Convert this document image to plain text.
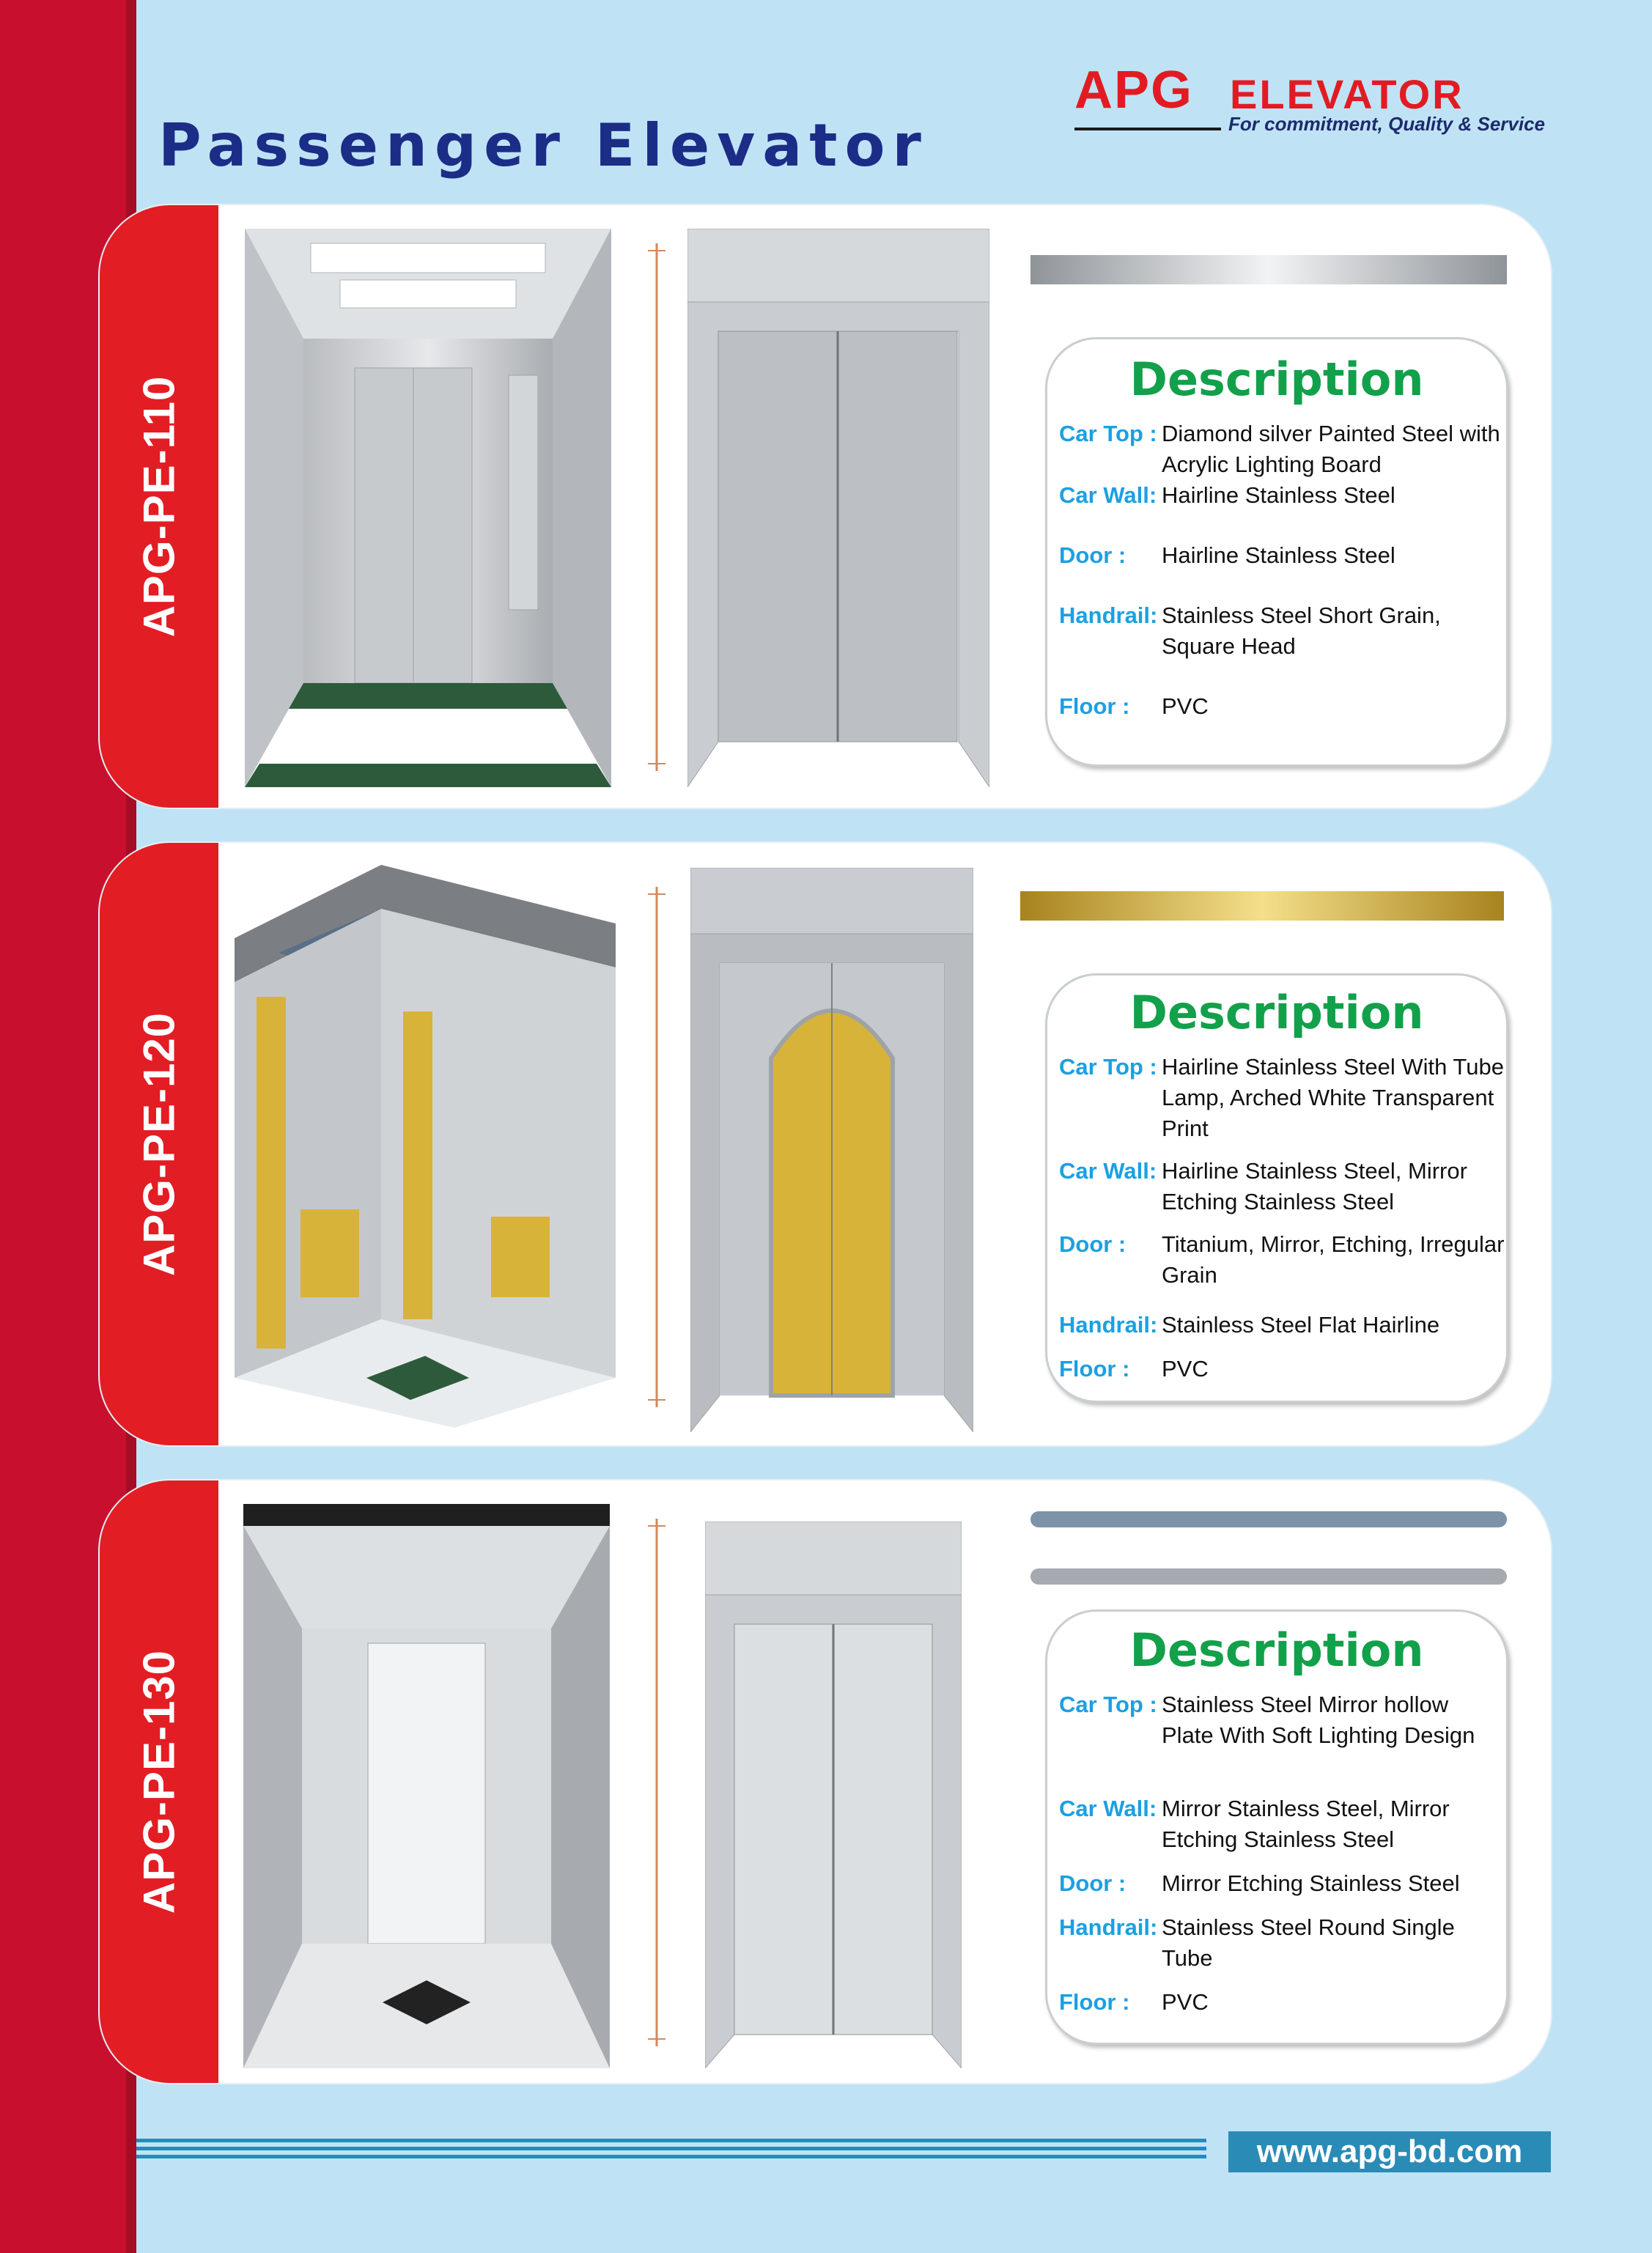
APG ELEVATOR
For commitment, Quality & Service
Passenger Elevator
APG-PE-110	Description
Car Top : Diamond silver Painted Steel with Acrylic Lighting Board
Car Wall: Hairline Stainless Steel
Door : Hairline Stainless Steel
Handrail: Stainless Steel Short Grain, Square Head
Floor : PVC
APG-PE-120	Description
Car Top : Hairline Stainless Steel With Tube Lamp, Arched White Transparent Print
Car Wall: Hairline Stainless Steel, Mirror Etching Stainless Steel
Door : Titanium, Mirror, Etching, Irregular Grain
Handrail: Stainless Steel Flat Hairline
Floor : PVC
APG-PE-130	Description
Car Top : Stainless Steel Mirror hollow Plate With Soft Lighting Design
Car Wall: Mirror Stainless Steel, Mirror Etching Stainless Steel
Door : Mirror Etching Stainless Steel
Handrail: Stainless Steel Round Single Tube
Floor : PVC
www.apg-bd.com
